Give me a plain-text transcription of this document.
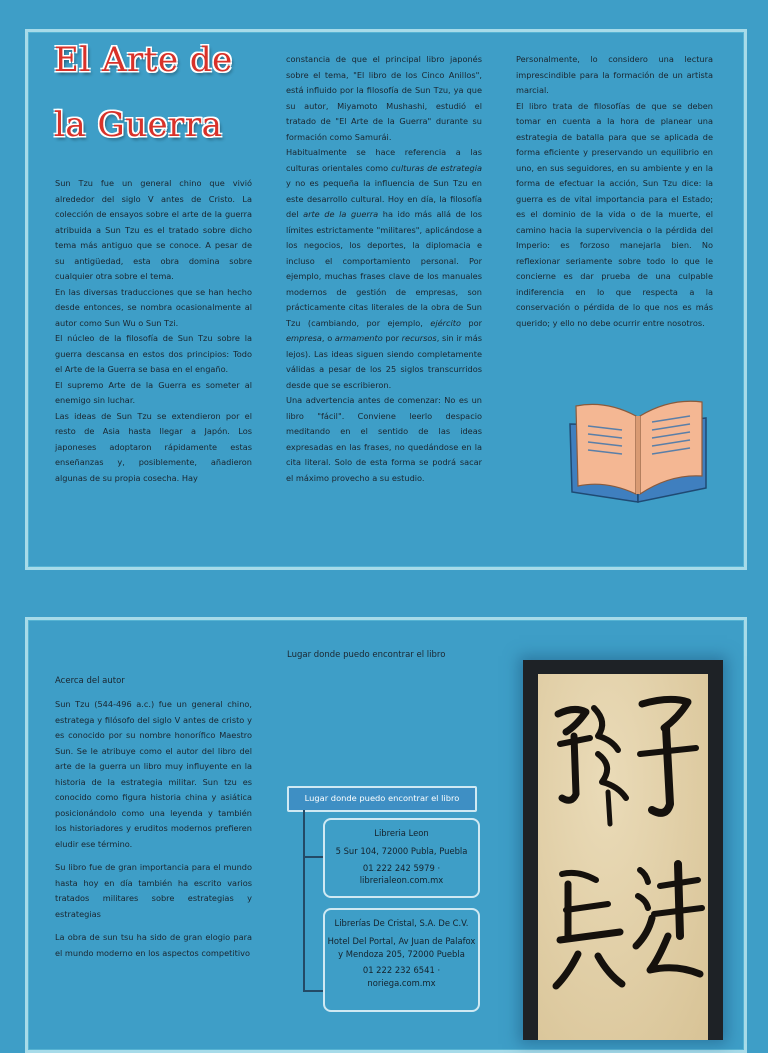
El Arte de
la Guerra

Sun Tzu fue un general chino que vivió alrededor del siglo V antes de Cristo. La colección de ensayos sobre el arte de la guerra atribuida a Sun Tzu es el tratado sobre dicho tema más antiguo que se conoce. A pesar de su antigüedad, esta obra domina sobre cualquier otra sobre el tema.

En las diversas traducciones que se han hecho desde entonces, se nombra ocasionalmente al autor como Sun Wu o Sun Tzi.

El núcleo de la filosofía de Sun Tzu sobre la guerra descansa en estos dos principios: Todo el Arte de la Guerra se basa en el engaño.

El supremo Arte de la Guerra es someter al enemigo sin luchar.

Las ideas de Sun Tzu se extendieron por el resto de Asia hasta llegar a Japón. Los japoneses adoptaron rápidamente estas enseñanzas y, posiblemente, añadieron algunas de su propia cosecha. Hay

constancia de que el principal libro japonés sobre el tema, "El libro de los Cinco Anillos", está influido por la filosofía de Sun Tzu, ya que su autor, Miyamoto Mushashi, estudió el tratado de "El Arte de la Guerra" durante su formación como Samurái.

Habitualmente se hace referencia a las culturas orientales como culturas de estrategia y no es pequeña la influencia de Sun Tzu en este desarrollo cultural. Hoy en día, la filosofía del arte de la guerra ha ido más allá de los límites estrictamente "militares", aplicándose a los negocios, los deportes, la diplomacia e incluso el comportamiento personal. Por ejemplo, muchas frases clave de los manuales modernos de gestión de empresas, son prácticamente citas literales de la obra de Sun Tzu (cambiando, por ejemplo, ejército por empresa, o armamento por recursos, sin ir más lejos). Las ideas siguen siendo completamente válidas a pesar de los 25 siglos transcurridos desde que se escribieron.

Una advertencia antes de comenzar: No es un libro "fácil". Conviene leerlo despacio meditando en el sentido de las ideas expresadas en las frases, no quedándose en la cita literal. Solo de esta forma se podrá sacar el máximo provecho a su estudio.

Personalmente, lo considero una lectura imprescindible para la formación de un artista marcial.

El libro trata de filosofías de que se deben tomar en cuenta a la hora de planear una estrategia de batalla para que se aplicada de forma eficiente y preservando un equilibrio en uno, en sus seguidores, en su ambiente y en la forma de efectuar la acción, Sun Tzu dice: la guerra es de vital importancia para el Estado; es el dominio de la vida o de la muerte, el camino hacia la supervivencia o la pérdida del Imperio: es forzoso manejarla bien. No reflexionar seriamente sobre todo lo que le concierne es dar prueba de una culpable indiferencia en lo que respecta a la conservación o pérdida de lo que nos es más querido; y ello no debe ocurrir entre nosotros.

Lugar donde puedo encontrar el libro
Acerca del autor

Sun Tzu (544-496 a.c.) fue un general chino, estratega y filósofo del siglo V antes de cristo y es conocido por su nombre honorífico Maestro Sun. Se le atribuye como el autor del libro del arte de la guerra un libro muy influyente en la historia de la estrategia militar. Sun tzu es conocido como figura historia china y asiática posicionándolo como una leyenda y también los historiadores y eruditos modernos prefieren eludir ese término.

Su libro fue de gran importancia para el mundo hasta hoy en día también ha escrito varios tratados militares sobre estrategias y estrategias

La obra de sun tsu ha sido de gran elogio para el mundo moderno en los aspectos competitivo

Lugar donde puedo encontrar el libro
Libreria Leon
5 Sur 104, 72000 Publa, Puebla
01 222 242 5979 ·
librerialeon.com.mx
Librerías De Cristal, S.A. De C.V.
Hotel Del Portal, Av Juan de Palafox y Mendoza 205, 72000 Puebla
01 222 232 6541 ·
noriega.com.mx
